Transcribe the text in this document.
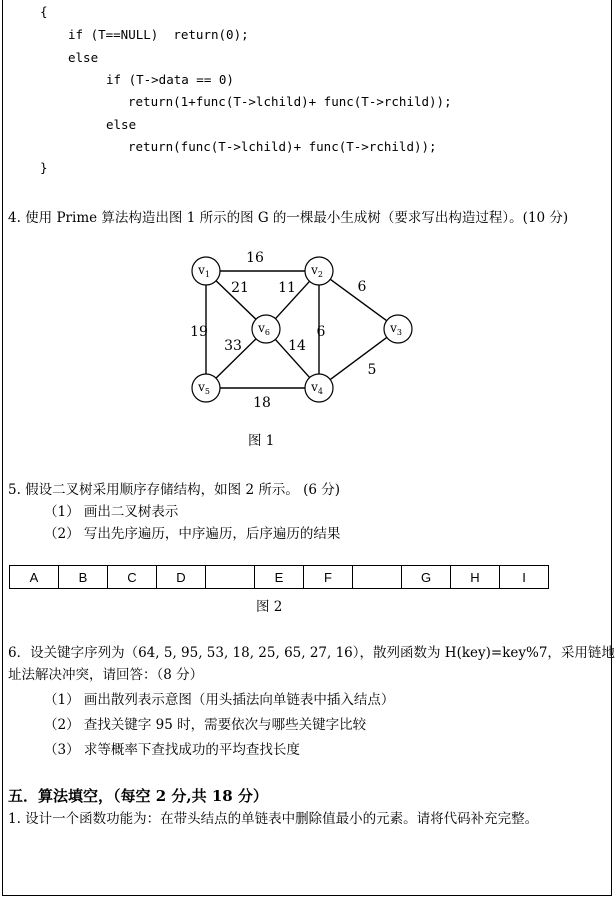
{
if (T==NULL)  return(0);
else
if (T->data == 0)
return(1+func(T->lchild)+ func(T->rchild));
else
return(func(T->lchild)+ func(T->rchild));
}
4. 使用 Prime 算法构造出图 1 所示的图 G 的一棵最小生成树（要求写出构造过程）。(10 分)
16
21 11	6
6
19
33	14
5
18
$v_1$	$v_2$
$v_3$
$v_4$
$v_5$
$v_6$
图 1
5. 假设二叉树采用顺序存储结构，如图 2 所示。 (6 分)
（1） 画出二叉树表示
（2） 写出先序遍历，中序遍历，后序遍历的结果
A	B	C	D		E	F		G	H	I
图 2
6．设关键字序列为（64, 5, 95, 53, 18, 25, 65, 27, 16），散列函数为 H(key)=key%7，采用链地
址法解决冲突，请回答：（8 分）
（1） 画出散列表示意图（用头插法向单链表中插入结点）
（2） 查找关键字 95 时，需要依次与哪些关键字比较
（3） 求等概率下查找成功的平均查找长度
五．算法填空，（每空 2 分,共 18 分）
1. 设计一个函数功能为：在带头结点的单链表中删除值最小的元素。请将代码补充完整。
